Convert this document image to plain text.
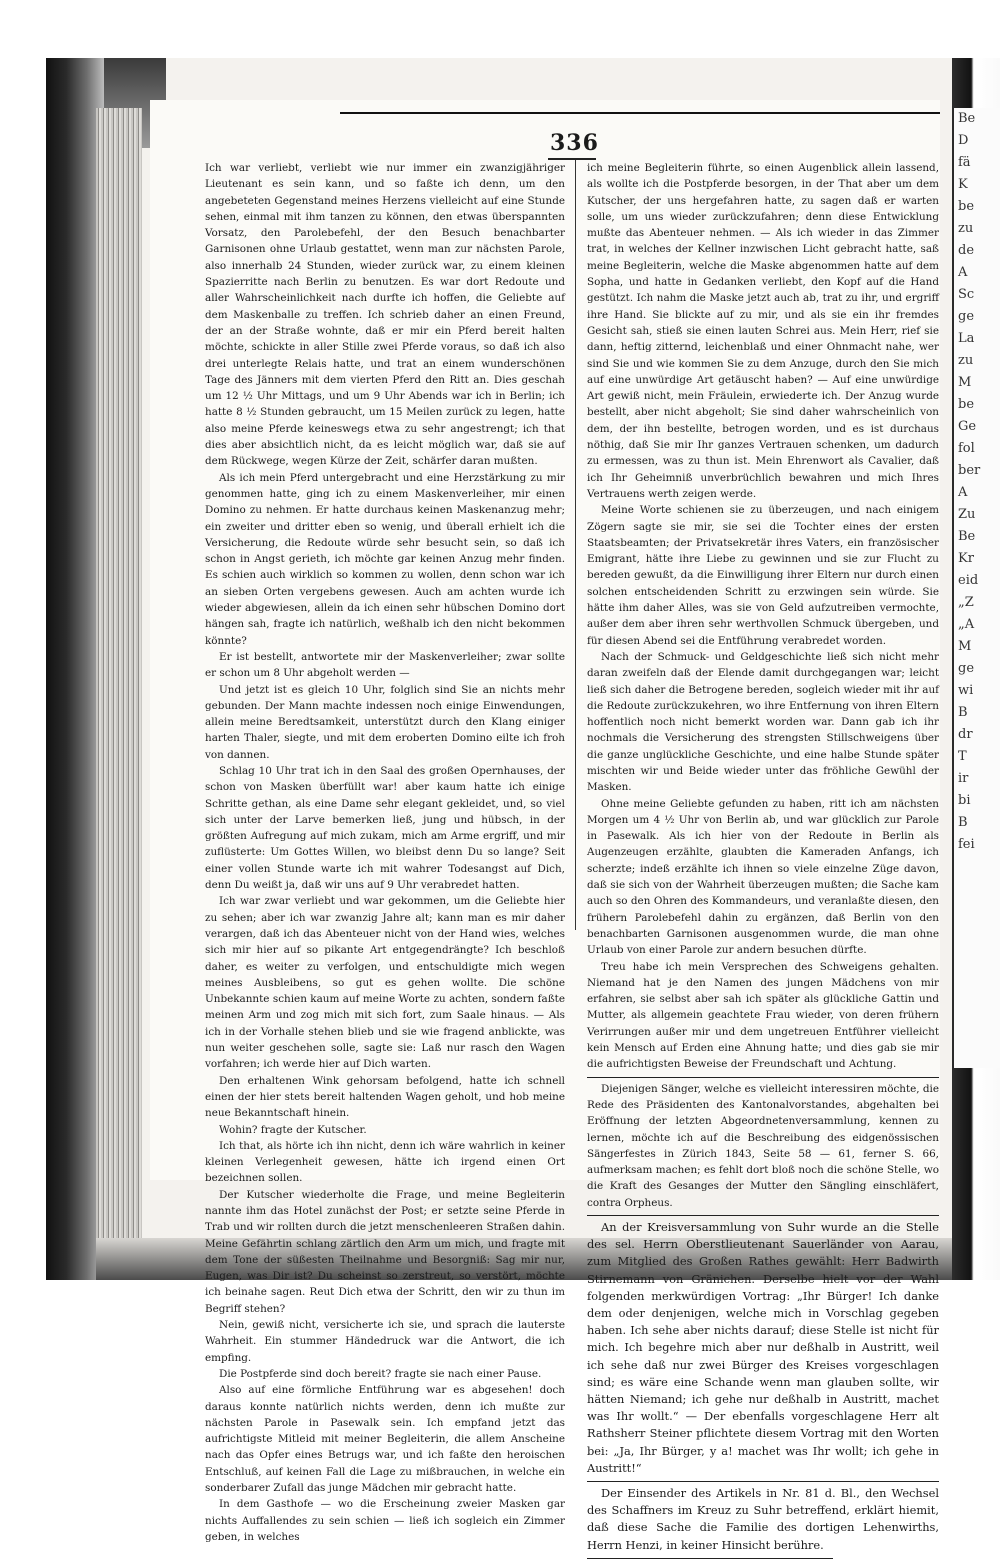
Be
D
fä
K
be
zu
de
A
Sc
ge
La
zu
M
be
Ge
fol
ber
A
Zu
Be
Kr
eid
„Z
„A
M
ge
wi
B
dr
T
ir
bi
B
fei
336

Ich war verliebt, verliebt wie nur immer ein zwanzigjähriger Lieutenant es sein kann, und so faßte ich denn, um den angebeteten Gegenstand meines Herzens vielleicht auf eine Stunde sehen, einmal mit ihm tanzen zu können, den etwas überspannten Vorsatz, den Parolebefehl, der den Besuch benachbarter Garnisonen ohne Urlaub gestattet, wenn man zur nächsten Parole, also innerhalb 24 Stunden, wieder zurück war, zu einem kleinen Spazierritte nach Berlin zu benutzen. Es war dort Redoute und aller Wahrscheinlichkeit nach durfte ich hoffen, die Geliebte auf dem Maskenballe zu treffen. Ich schrieb daher an einen Freund, der an der Straße wohnte, daß er mir ein Pferd bereit halten möchte, schickte in aller Stille zwei Pferde voraus, so daß ich also drei unterlegte Relais hatte, und trat an einem wunderschönen Tage des Jänners mit dem vierten Pferd den Ritt an. Dies geschah um 12 ½ Uhr Mittags, und um 9 Uhr Abends war ich in Berlin; ich hatte 8 ½ Stunden gebraucht, um 15 Meilen zurück zu legen, hatte also meine Pferde keineswegs etwa zu sehr angestrengt; ich that dies aber absichtlich nicht, da es leicht möglich war, daß sie auf dem Rückwege, wegen Kürze der Zeit, schärfer daran mußten.

Als ich mein Pferd untergebracht und eine Herzstärkung zu mir genommen hatte, ging ich zu einem Maskenverleiher, mir einen Domino zu nehmen. Er hatte durchaus keinen Maskenanzug mehr; ein zweiter und dritter eben so wenig, und überall erhielt ich die Versicherung, die Redoute würde sehr besucht sein, so daß ich schon in Angst gerieth, ich möchte gar keinen Anzug mehr finden. Es schien auch wirklich so kommen zu wollen, denn schon war ich an sieben Orten vergebens gewesen. Auch am achten wurde ich wieder abgewiesen, allein da ich einen sehr hübschen Domino dort hängen sah, fragte ich natürlich, weßhalb ich den nicht bekommen könnte?

Er ist bestellt, antwortete mir der Maskenverleiher; zwar sollte er schon um 8 Uhr abgeholt werden —

Und jetzt ist es gleich 10 Uhr, folglich sind Sie an nichts mehr gebunden. Der Mann machte indessen noch einige Einwendungen, allein meine Beredtsamkeit, unterstützt durch den Klang einiger harten Thaler, siegte, und mit dem eroberten Domino eilte ich froh von dannen.

Schlag 10 Uhr trat ich in den Saal des großen Opernhauses, der schon von Masken überfüllt war! aber kaum hatte ich einige Schritte gethan, als eine Dame sehr elegant gekleidet, und, so viel sich unter der Larve bemerken ließ, jung und hübsch, in der größten Aufregung auf mich zukam, mich am Arme ergriff, und mir zuflüsterte: Um Gottes Willen, wo bleibst denn Du so lange? Seit einer vollen Stunde warte ich mit wahrer Todesangst auf Dich, denn Du weißt ja, daß wir uns auf 9 Uhr verabredet hatten.

Ich war zwar verliebt und war gekommen, um die Geliebte hier zu sehen; aber ich war zwanzig Jahre alt; kann man es mir daher verargen, daß ich das Abenteuer nicht von der Hand wies, welches sich mir hier auf so pikante Art entgegendrängte? Ich beschloß daher, es weiter zu verfolgen, und entschuldigte mich wegen meines Ausbleibens, so gut es gehen wollte. Die schöne Unbekannte schien kaum auf meine Worte zu achten, sondern faßte meinen Arm und zog mich mit sich fort, zum Saale hinaus. — Als ich in der Vorhalle stehen blieb und sie wie fragend anblickte, was nun weiter geschehen solle, sagte sie: Laß nur rasch den Wagen vorfahren; ich werde hier auf Dich warten.

Den erhaltenen Wink gehorsam befolgend, hatte ich schnell einen der hier stets bereit haltenden Wagen geholt, und hob meine neue Bekanntschaft hinein.

Wohin? fragte der Kutscher.

Ich that, als hörte ich ihn nicht, denn ich wäre wahrlich in keiner kleinen Verlegenheit gewesen, hätte ich irgend einen Ort bezeichnen sollen.

Der Kutscher wiederholte die Frage, und meine Begleiterin nannte ihm das Hotel zunächst der Post; er setzte seine Pferde in Trab und wir rollten durch die jetzt menschenleeren Straßen dahin. Meine Gefährtin schlang zärtlich den Arm um mich, und fragte mit dem Tone der süßesten Theilnahme und Besorgniß: Sag mir nur, Eugen, was Dir ist? Du scheinst so zerstreut, so verstört, möchte ich beinahe sagen. Reut Dich etwa der Schritt, den wir zu thun im Begriff stehen?

Nein, gewiß nicht, versicherte ich sie, und sprach die lauterste Wahrheit. Ein stummer Händedruck war die Antwort, die ich empfing.

Die Postpferde sind doch bereit? fragte sie nach einer Pause.

Also auf eine förmliche Entführung war es abgesehen! doch daraus konnte natürlich nichts werden, denn ich mußte zur nächsten Parole in Pasewalk sein. Ich empfand jetzt das aufrichtigste Mitleid mit meiner Begleiterin, die allem Anscheine nach das Opfer eines Betrugs war, und ich faßte den heroischen Entschluß, auf keinen Fall die Lage zu mißbrauchen, in welche ein sonderbarer Zufall das junge Mädchen mir gebracht hatte.

In dem Gasthofe — wo die Erscheinung zweier Masken gar nichts Auffallendes zu sein schien — ließ ich sogleich ein Zimmer geben, in welches

ich meine Begleiterin führte, so einen Augenblick allein lassend, als wollte ich die Postpferde besorgen, in der That aber um dem Kutscher, der uns hergefahren hatte, zu sagen daß er warten solle, um uns wieder zurückzufahren; denn diese Entwicklung mußte das Abenteuer nehmen. — Als ich wieder in das Zimmer trat, in welches der Kellner inzwischen Licht gebracht hatte, saß meine Begleiterin, welche die Maske abgenommen hatte auf dem Sopha, und hatte in Gedanken verliebt, den Kopf auf die Hand gestützt. Ich nahm die Maske jetzt auch ab, trat zu ihr, und ergriff ihre Hand. Sie blickte auf zu mir, und als sie ein ihr fremdes Gesicht sah, stieß sie einen lauten Schrei aus. Mein Herr, rief sie dann, heftig zitternd, leichenblaß und einer Ohnmacht nahe, wer sind Sie und wie kommen Sie zu dem Anzuge, durch den Sie mich auf eine unwürdige Art getäuscht haben? — Auf eine unwürdige Art gewiß nicht, mein Fräulein, erwiederte ich. Der Anzug wurde bestellt, aber nicht abgeholt; Sie sind daher wahrscheinlich von dem, der ihn bestellte, betrogen worden, und es ist durchaus nöthig, daß Sie mir Ihr ganzes Vertrauen schenken, um dadurch zu ermessen, was zu thun ist. Mein Ehrenwort als Cavalier, daß ich Ihr Geheimniß unverbrüchlich bewahren und mich Ihres Vertrauens werth zeigen werde.

Meine Worte schienen sie zu überzeugen, und nach einigem Zögern sagte sie mir, sie sei die Tochter eines der ersten Staatsbeamten; der Privatsekretär ihres Vaters, ein französischer Emigrant, hätte ihre Liebe zu gewinnen und sie zur Flucht zu bereden gewußt, da die Einwilligung ihrer Eltern nur durch einen solchen entscheidenden Schritt zu erzwingen sein würde. Sie hätte ihm daher Alles, was sie von Geld aufzutreiben vermochte, außer dem aber ihren sehr werthvollen Schmuck übergeben, und für diesen Abend sei die Entführung verabredet worden.

Nach der Schmuck- und Geldgeschichte ließ sich nicht mehr daran zweifeln daß der Elende damit durchgegangen war; leicht ließ sich daher die Betrogene bereden, sogleich wieder mit ihr auf die Redoute zurückzukehren, wo ihre Entfernung von ihren Eltern hoffentlich noch nicht bemerkt worden war. Dann gab ich ihr nochmals die Versicherung des strengsten Stillschweigens über die ganze unglückliche Geschichte, und eine halbe Stunde später mischten wir und Beide wieder unter das fröhliche Gewühl der Masken.

Ohne meine Geliebte gefunden zu haben, ritt ich am nächsten Morgen um 4 ½ Uhr von Berlin ab, und war glücklich zur Parole in Pasewalk. Als ich hier von der Redoute in Berlin als Augenzeugen erzählte, glaubten die Kameraden Anfangs, ich scherzte; indeß erzählte ich ihnen so viele einzelne Züge davon, daß sie sich von der Wahrheit überzeugen mußten; die Sache kam auch so den Ohren des Kommandeurs, und veranlaßte diesen, den frühern Parolebefehl dahin zu ergänzen, daß Berlin von den benachbarten Garnisonen ausgenommen wurde, die man ohne Urlaub von einer Parole zur andern besuchen dürfte.

Treu habe ich mein Versprechen des Schweigens gehalten. Niemand hat je den Namen des jungen Mädchens von mir erfahren, sie selbst aber sah ich später als glückliche Gattin und Mutter, als allgemein geachtete Frau wieder, von deren frühern Verirrungen außer mir und dem ungetreuen Entführer vielleicht kein Mensch auf Erden eine Ahnung hatte; und dies gab sie mir die aufrichtigsten Beweise der Freundschaft und Achtung.

Diejenigen Sänger, welche es vielleicht interessiren möchte, die Rede des Präsidenten des Kantonalvorstandes, abgehalten bei Eröffnung der letzten Abgeordnetenversammlung, kennen zu lernen, möchte ich auf die Beschreibung des eidgenössischen Sängerfestes in Zürich 1843, Seite 58 — 61, ferner S. 66, aufmerksam machen; es fehlt dort bloß noch die schöne Stelle, wo die Kraft des Gesanges der Mutter den Sängling einschläfert, contra Orpheus.

An der Kreisversammlung von Suhr wurde an die Stelle des sel. Herrn Oberstlieutenant Sauerländer von Aarau, zum Mitglied des Großen Rathes gewählt: Herr Badwirth Stirnemann von Gränichen. Derselbe hielt vor der Wahl folgenden merkwürdigen Vortrag: „Ihr Bürger! Ich danke dem oder denjenigen, welche mich in Vorschlag gegeben haben. Ich sehe aber nichts darauf; diese Stelle ist nicht für mich. Ich begehre mich aber nur deßhalb in Austritt, weil ich sehe daß nur zwei Bürger des Kreises vorgeschlagen sind; es wäre eine Schande wenn man glauben sollte, wir hätten Niemand; ich gehe nur deßhalb in Austritt, machet was Ihr wollt.“ — Der ebenfalls vorgeschlagene Herr alt Rathsherr Steiner pflichtete diesem Vortrag mit den Worten bei: „Ja, Ihr Bürger, y a! machet was Ihr wollt; ich gehe in Austritt!“

Der Einsender des Artikels in Nr. 81 d. Bl., den Wechsel des Schaffners im Kreuz zu Suhr betreffend, erklärt hiemit, daß diese Sache die Familie des dortigen Lehenwirths, Herrn Henzi, in keiner Hinsicht berühre.
